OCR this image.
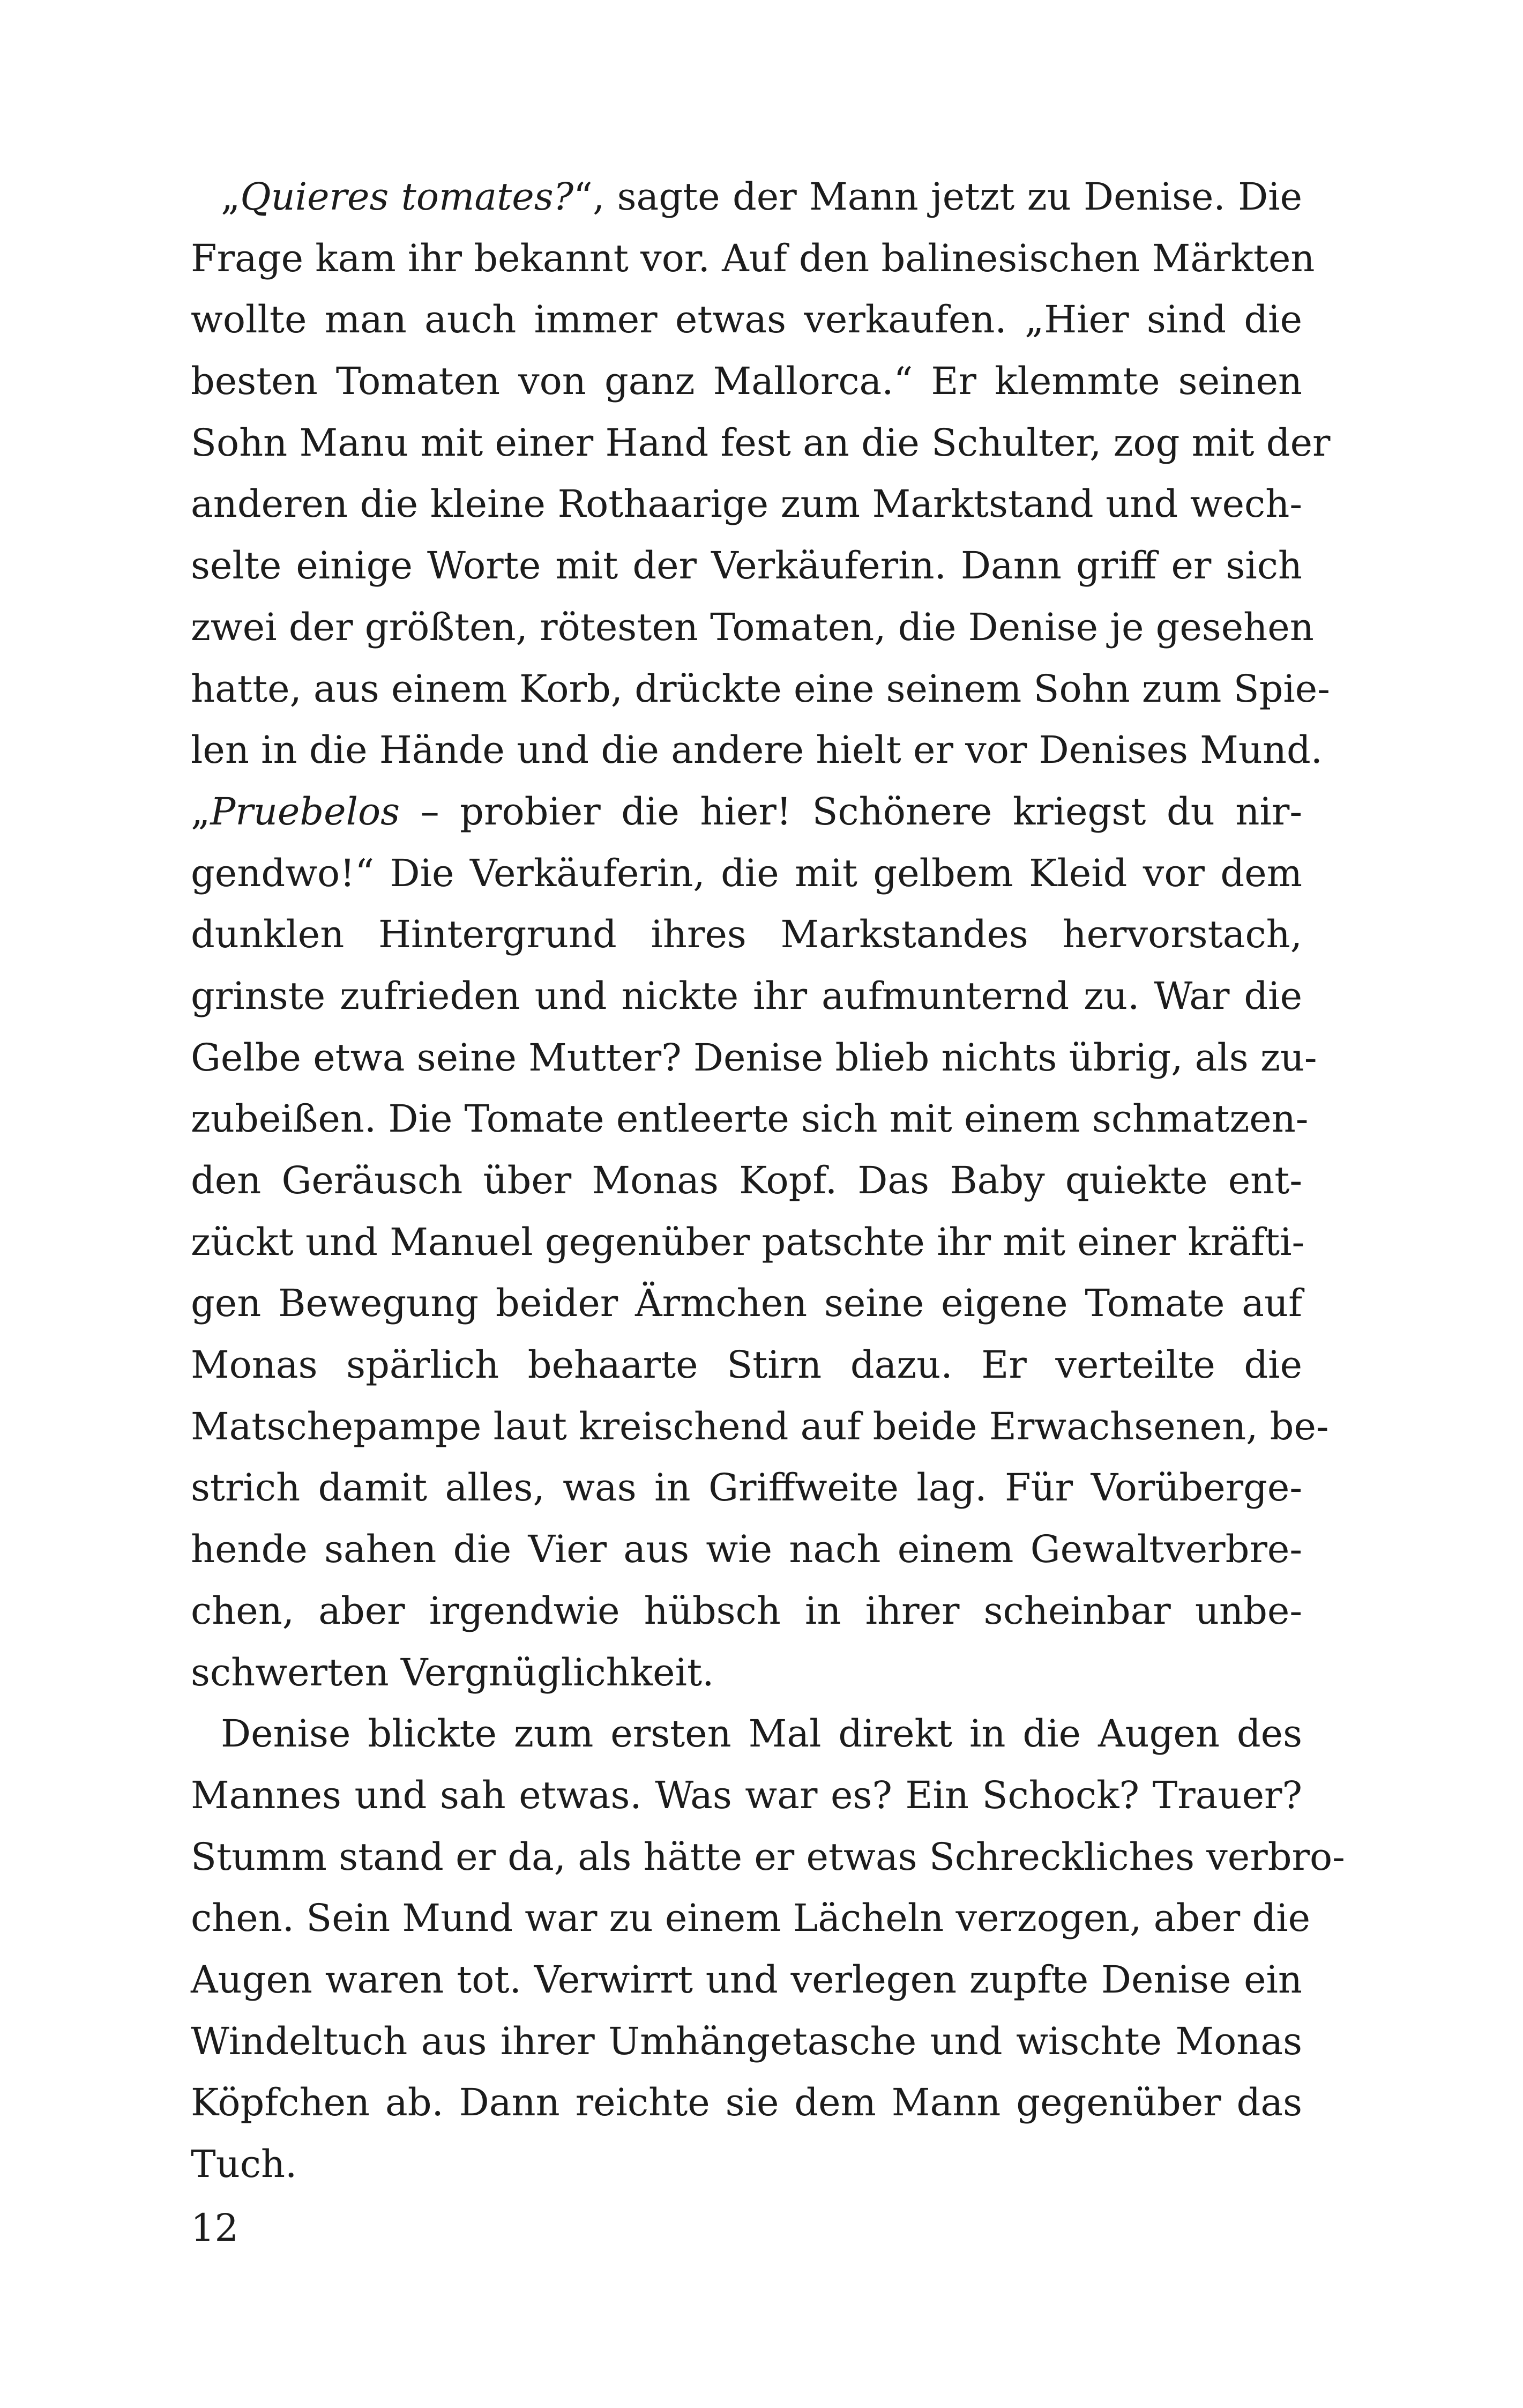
„Quieres tomates?“, sagte der Mann jetzt zu Denise. Die
Frage kam ihr bekannt vor. Auf den balinesischen Märkten
wollte man auch immer etwas verkaufen. „Hier sind die
besten Tomaten von ganz Mallorca.“ Er klemmte seinen
Sohn Manu mit einer Hand fest an die Schulter, zog mit der
anderen die kleine Rothaarige zum Marktstand und wech-
selte einige Worte mit der Verkäuferin. Dann griff er sich
zwei der größten, rötesten Tomaten, die Denise je gesehen
hatte, aus einem Korb, drückte eine seinem Sohn zum Spie-
len in die Hände und die andere hielt er vor Denises Mund.
„Pruebelos – probier die hier! Schönere kriegst du nir-
gendwo!“ Die Verkäuferin, die mit gelbem Kleid vor dem
dunklen Hintergrund ihres Markstandes hervorstach,
grinste zufrieden und nickte ihr aufmunternd zu. War die
Gelbe etwa seine Mutter? Denise blieb nichts übrig, als zu-
zubeißen. Die Tomate entleerte sich mit einem schmatzen-
den Geräusch über Monas Kopf. Das Baby quiekte ent-
zückt und Manuel gegenüber patschte ihr mit einer kräfti-
gen Bewegung beider Ärmchen seine eigene Tomate auf
Monas spärlich behaarte Stirn dazu. Er verteilte die
Matschepampe laut kreischend auf beide Erwachsenen, be-
strich damit alles, was in Griffweite lag. Für Vorüberge-
hende sahen die Vier aus wie nach einem Gewaltverbre-
chen, aber irgendwie hübsch in ihrer scheinbar unbe-
schwerten Vergnüglichkeit.
Denise blickte zum ersten Mal direkt in die Augen des
Mannes und sah etwas. Was war es? Ein Schock? Trauer?
Stumm stand er da, als hätte er etwas Schreckliches verbro-
chen. Sein Mund war zu einem Lächeln verzogen, aber die
Augen waren tot. Verwirrt und verlegen zupfte Denise ein
Windeltuch aus ihrer Umhängetasche und wischte Monas
Köpfchen ab. Dann reichte sie dem Mann gegenüber das
Tuch.
12
